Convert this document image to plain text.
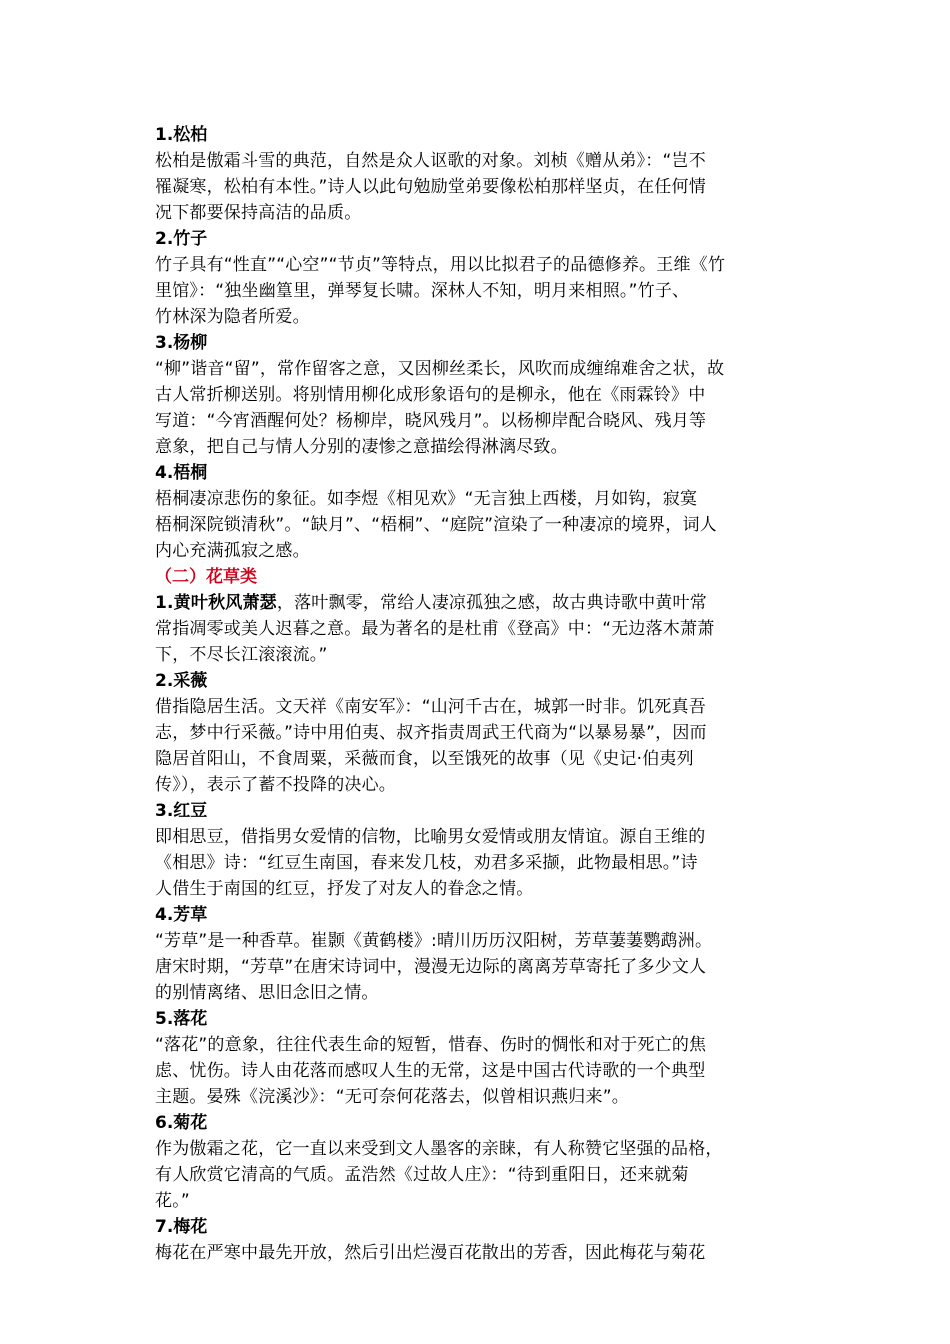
1.松柏
松柏是傲霜斗雪的典范，自然是众人讴歌的对象。刘桢《赠从弟》：“岂不
罹凝寒，松柏有本性。”诗人以此句勉励堂弟要像松柏那样坚贞，在任何情
况下都要保持高洁的品质。
2.竹子
竹子具有“性直”“心空”“节贞”等特点，用以比拟君子的品德修养。王维《竹
里馆》：“独坐幽篁里，弹琴复长啸。深林人不知，明月来相照。”竹子、
竹林深为隐者所爱。
3.杨柳
“柳”谐音“留”，常作留客之意，又因柳丝柔长，风吹而成缠绵难舍之状，故
古人常折柳送别。将别情用柳化成形象语句的是柳永，他在《雨霖铃》中
写道：“今宵酒醒何处？杨柳岸，晓风残月”。以杨柳岸配合晓风、残月等
意象，把自己与情人分别的凄惨之意描绘得淋漓尽致。
4.梧桐
梧桐凄凉悲伤的象征。如李煜《相见欢》“无言独上西楼，月如钩，寂寞
梧桐深院锁清秋”。“缺月”、“梧桐”、“庭院”渲染了一种凄凉的境界，词人
内心充满孤寂之感。
（二）花草类
1.黄叶秋风萧瑟，落叶飘零，常给人凄凉孤独之感，故古典诗歌中黄叶常
常指凋零或美人迟暮之意。最为著名的是杜甫《登高》中：“无边落木萧萧
下，不尽长江滚滚流。”
2.采薇
借指隐居生活。文天祥《南安军》：“山河千古在，城郭一时非。饥死真吾
志，梦中行采薇。”诗中用伯夷、叔齐指责周武王代商为“以暴易暴”，因而
隐居首阳山，不食周粟，采薇而食，以至饿死的故事（见《史记·伯夷列
传》），表示了蓄不投降的决心。
3.红豆
即相思豆，借指男女爱情的信物，比喻男女爱情或朋友情谊。源自王维的
《相思》诗：“红豆生南国，春来发几枝，劝君多采撷，此物最相思。”诗
人借生于南国的红豆，抒发了对友人的眷念之情。
4.芳草
“芳草”是一种香草。崔颢《黄鹤楼》:晴川历历汉阳树，芳草萋萋鹦鹉洲。
唐宋时期，“芳草”在唐宋诗词中，漫漫无边际的离离芳草寄托了多少文人
的别情离绪、思旧念旧之情。
5.落花
“落花”的意象，往往代表生命的短暂，惜春、伤时的惆怅和对于死亡的焦
虑、忧伤。诗人由花落而感叹人生的无常，这是中国古代诗歌的一个典型
主题。晏殊《浣溪沙》：“无可奈何花落去，似曾相识燕归来”。
6.菊花
作为傲霜之花，它一直以来受到文人墨客的亲睐，有人称赞它坚强的品格，
有人欣赏它清高的气质。孟浩然《过故人庄》：“待到重阳日，还来就菊
花。”
7.梅花
梅花在严寒中最先开放，然后引出烂漫百花散出的芳香，因此梅花与菊花
